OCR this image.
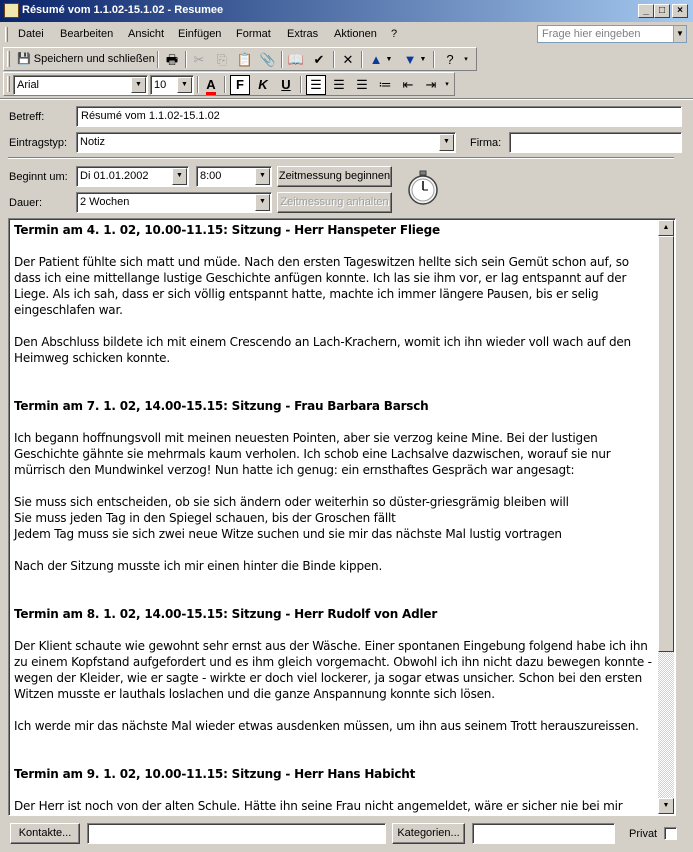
Résumé vom 1.1.02-15.1.02 - Resumee	_	□	×
Datei Bearbeiten Ansicht Einfügen Format Extras Aktionen ?	Frage hier eingeben	▼
💾 Speichern und schließen 🖶	✂ ⎘ 📋 📎 📖 ✔	✕	▲ ▼ ▼ ▼	?	▾
Arial	▼	10	▼	A	F	K	U	☰ ☰ ☰ ≔ ⇤ ⇥	▾
Betreff:	Résumé vom 1.1.02-15.1.02
Eintragstyp:	Notiz	▼	Firma:
Beginnt um:	Di 01.01.2002	▼	8:00	▼	Zeitmessung beginnen
Dauer:	2 Wochen	▼	Zeitmessung anhalten

Termin am 4. 1. 02, 10.00-11.15: Sitzung - Herr Hanspeter Fliege

Der Patient fühlte sich matt und müde. Nach den ersten Tageswitzen hellte sich sein Gemüt schon auf, so dass ich eine mittellange lustige Geschichte anfügen konnte. Ich las sie ihm vor, er lag entspannt auf der Liege. Als ich sah, dass er sich völlig entspannt hatte, machte ich immer längere Pausen, bis er selig eingeschlafen war.

Den Abschluss bildete ich mit einem Crescendo an Lach-Krachern, womit ich ihn wieder voll wach auf den Heimweg schicken konnte.

Termin am 7. 1. 02, 14.00-15.15: Sitzung - Frau Barbara Barsch

Ich begann hoffnungsvoll mit meinen neuesten Pointen, aber sie verzog keine Mine. Bei der lustigen Geschichte gähnte sie mehrmals kaum verholen. Ich schob eine Lachsalve dazwischen, worauf sie nur mürrisch den Mundwinkel verzog! Nun hatte ich genug: ein ernsthaftes Gespräch war angesagt:

Sie muss sich entscheiden, ob sie sich ändern oder weiterhin so düster-griesgrämig bleiben will

Sie muss jeden Tag in den Spiegel schauen, bis der Groschen fällt

Jedem Tag muss sie sich zwei neue Witze suchen und sie mir das nächste Mal lustig vortragen

Nach der Sitzung musste ich mir einen hinter die Binde kippen.

Termin am 8. 1. 02, 14.00-15.15: Sitzung - Herr Rudolf von Adler

Der Klient schaute wie gewohnt sehr ernst aus der Wäsche. Einer spontanen Eingebung folgend habe ich ihn zu einem Kopfstand aufgefordert und es ihm gleich vorgemacht. Obwohl ich ihn nicht dazu bewegen konnte - wegen der Kleider, wie er sagte - wirkte er doch viel lockerer, ja sogar etwas unsicher. Schon bei den ersten Witzen musste er lauthals loslachen und die ganze Anspannung konnte sich lösen.

Ich werde mir das nächste Mal wieder etwas ausdenken müssen, um ihn aus seinem Trott herauszureissen.

Termin am 9. 1. 02, 10.00-11.15: Sitzung - Herr Hans Habicht

Der Herr ist noch von der alten Schule. Hätte ihn seine Frau nicht angemeldet, wäre er sicher nie bei mir

▲
▼
Kontakte...	Kategorien...	Privat
